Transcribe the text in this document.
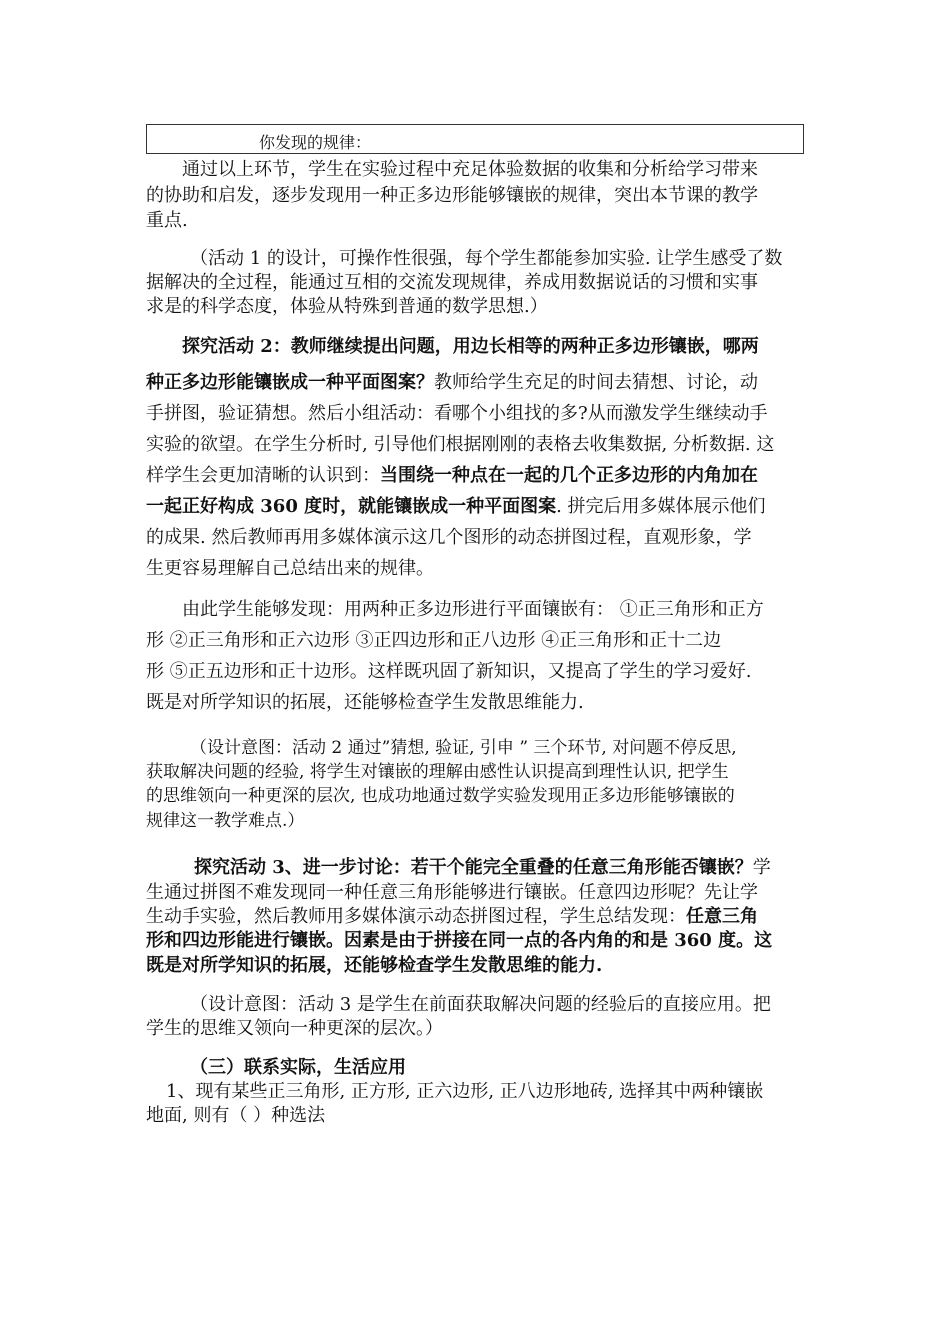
你发现的规律：
通过以上环节，学生在实验过程中充足体验数据的收集和分析给学习带来
的协助和启发，逐步发现用一种正多边形能够镶嵌的规律，突出本节课的教学
重点.
（活动 1 的设计，可操作性很强，每个学生都能参加实验. 让学生感受了数
据解决的全过程，能通过互相的交流发现规律，养成用数据说话的习惯和实事
求是的科学态度，体验从特殊到普通的数学思想.）
探究活动 2：教师继续提出问题，用边长相等的两种正多边形镶嵌，哪两
种正多边形能镶嵌成一种平面图案？教师给学生充足的时间去猜想、讨论，动
手拼图，验证猜想。然后小组活动：看哪个小组找的多?从而激发学生继续动手
实验的欲望。在学生分析时, 引导他们根据刚刚的表格去收集数据, 分析数据. 这
样学生会更加清晰的认识到：当围绕一种点在一起的几个正多边形的内角加在
一起正好构成 360 度时，就能镶嵌成一种平面图案. 拼完后用多媒体展示他们
的成果. 然后教师再用多媒体演示这几个图形的动态拼图过程，直观形象，学
生更容易理解自己总结出来的规律。
由此学生能够发现：用两种正多边形进行平面镶嵌有： ①正三角形和正方
形 ②正三角形和正六边形 ③正四边形和正八边形 ④正三角形和正十二边
形 ⑤正五边形和正十边形。这样既巩固了新知识，又提高了学生的学习爱好.
既是对所学知识的拓展，还能够检查学生发散思维能力.
（设计意图：活动 2 通过”猜想, 验证, 引申 ” 三个环节, 对问题不停反思,
获取解决问题的经验, 将学生对镶嵌的理解由感性认识提高到理性认识, 把学生
的思维领向一种更深的层次, 也成功地通过数学实验发现用正多边形能够镶嵌的
规律这一教学难点.）
探究活动 3、进一步讨论：若干个能完全重叠的任意三角形能否镶嵌？学
生通过拼图不难发现同一种任意三角形能够进行镶嵌。任意四边形呢？先让学
生动手实验，然后教师用多媒体演示动态拼图过程，学生总结发现：任意三角
形和四边形能进行镶嵌。因素是由于拼接在同一点的各内角的和是 360 度。这
既是对所学知识的拓展，还能够检查学生发散思维的能力.
（设计意图：活动 3 是学生在前面获取解决问题的经验后的直接应用。把
学生的思维又领向一种更深的层次。）
（三）联系实际，生活应用
1、现有某些正三角形, 正方形, 正六边形, 正八边形地砖, 选择其中两种镶嵌
地面, 则有（ ）种选法
